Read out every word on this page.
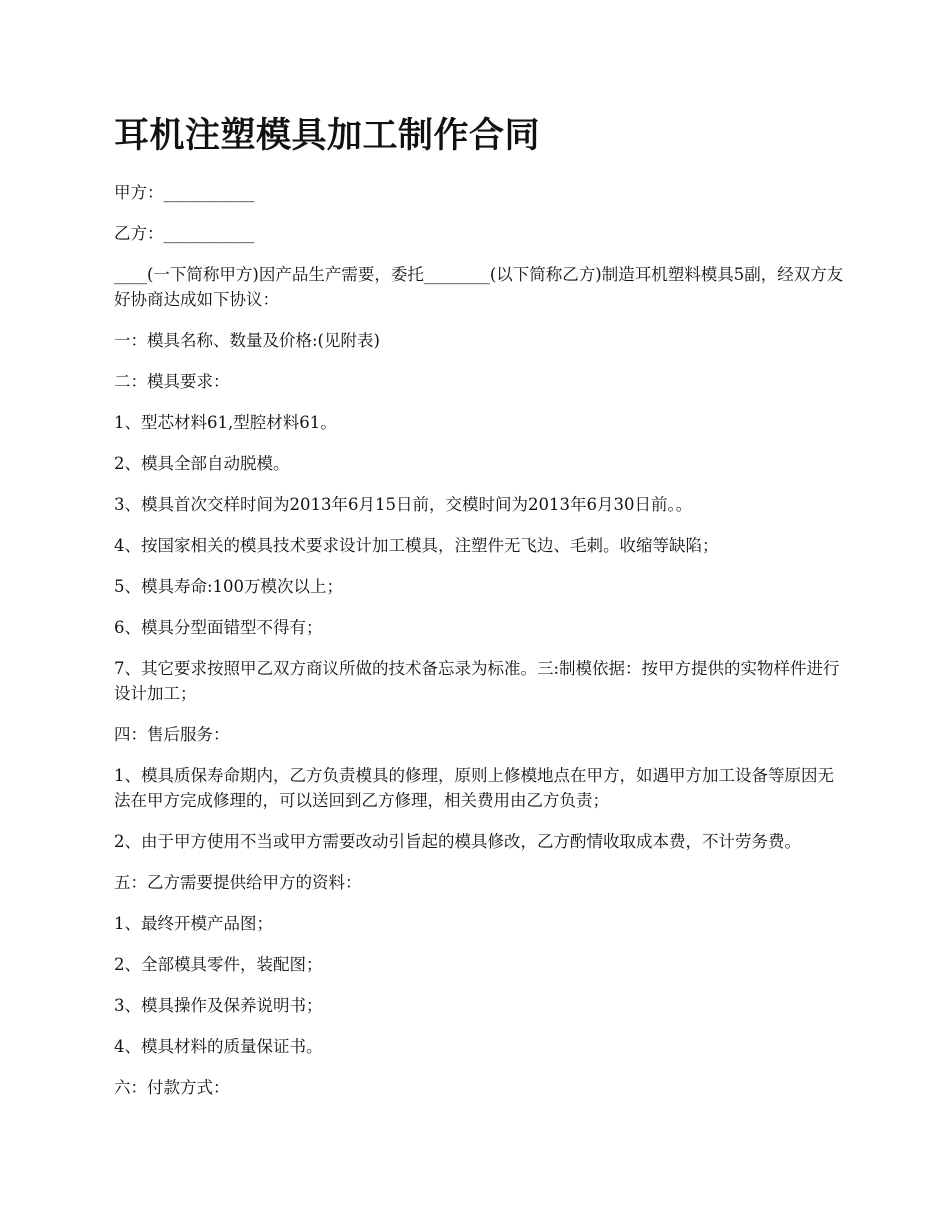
耳机注塑模具加工制作合同

甲方：___________

乙方：___________

____(一下简称甲方)因产品生产需要，委托________(以下简称乙方)制造耳机塑料模具5副，经双方友好协商达成如下协议：

一：模具名称、数量及价格:(见附表)

二：模具要求：

1、型芯材料61,型腔材料61。

2、模具全部自动脱模。

3、模具首次交样时间为2013年6月15日前，交模时间为2013年6月30日前。。

4、按国家相关的模具技术要求设计加工模具，注塑件无飞边、毛刺。收缩等缺陷；

5、模具寿命:100万模次以上；

6、模具分型面错型不得有；

7、其它要求按照甲乙双方商议所做的技术备忘录为标准。三:制模依据：按甲方提供的实物样件进行设计加工；

四：售后服务：

1、模具质保寿命期内，乙方负责模具的修理，原则上修模地点在甲方，如遇甲方加工设备等原因无法在甲方完成修理的，可以送回到乙方修理，相关费用由乙方负责；

2、由于甲方使用不当或甲方需要改动引旨起的模具修改，乙方酌情收取成本费，不计劳务费。

五：乙方需要提供给甲方的资料：

1、最终开模产品图；

2、全部模具零件，装配图；

3、模具操作及保养说明书；

4、模具材料的质量保证书。

六：付款方式：
